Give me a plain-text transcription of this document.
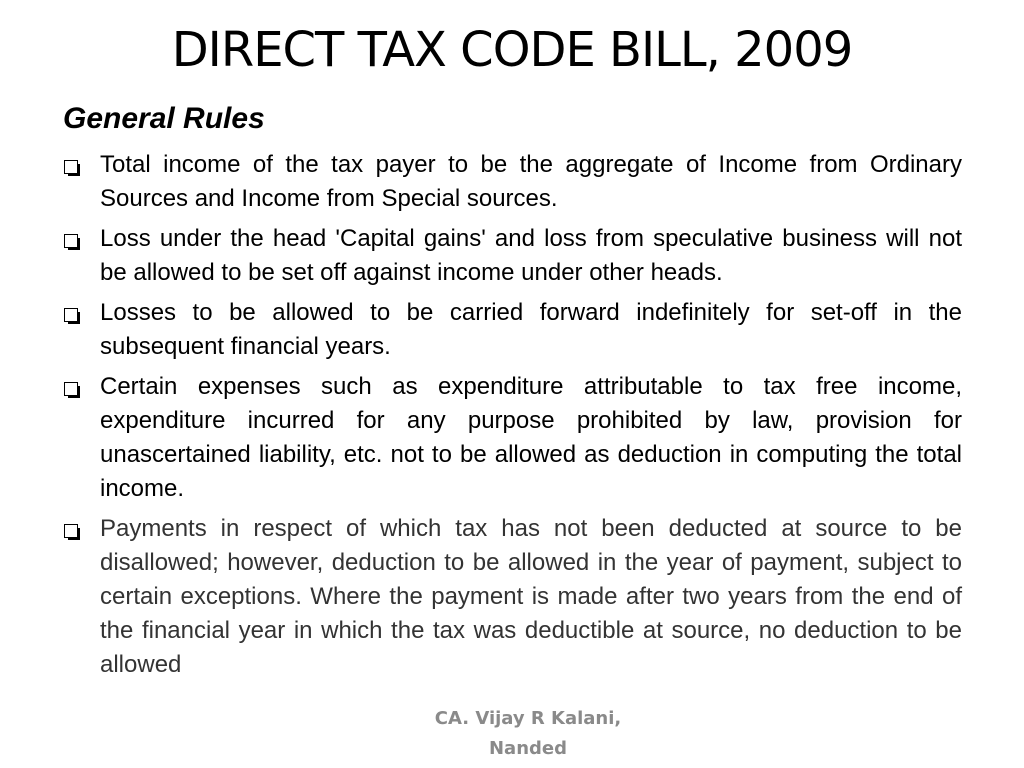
DIRECT TAX CODE BILL, 2009
General Rules
Total income of the tax payer to be the aggregate of Income from Ordinary Sources and Income from Special sources.
Loss under the head 'Capital gains' and loss from speculative business will not be allowed to be set off against income under other heads.
Losses to be allowed to be carried forward indefinitely for set-off in the subsequent financial years.
Certain expenses such as expenditure attributable to tax free income, expenditure incurred for any purpose prohibited by law, provision for unascertained liability, etc. not to be allowed as deduction in computing the total income.
Payments in respect of which tax has not been deducted at source to be disallowed; however, deduction to be allowed in the year of payment, subject to certain exceptions. Where the payment is made after two years from the end of the financial year in which the tax was deductible at source, no deduction to be allowed
CA. Vijay R Kalani,
Nanded
